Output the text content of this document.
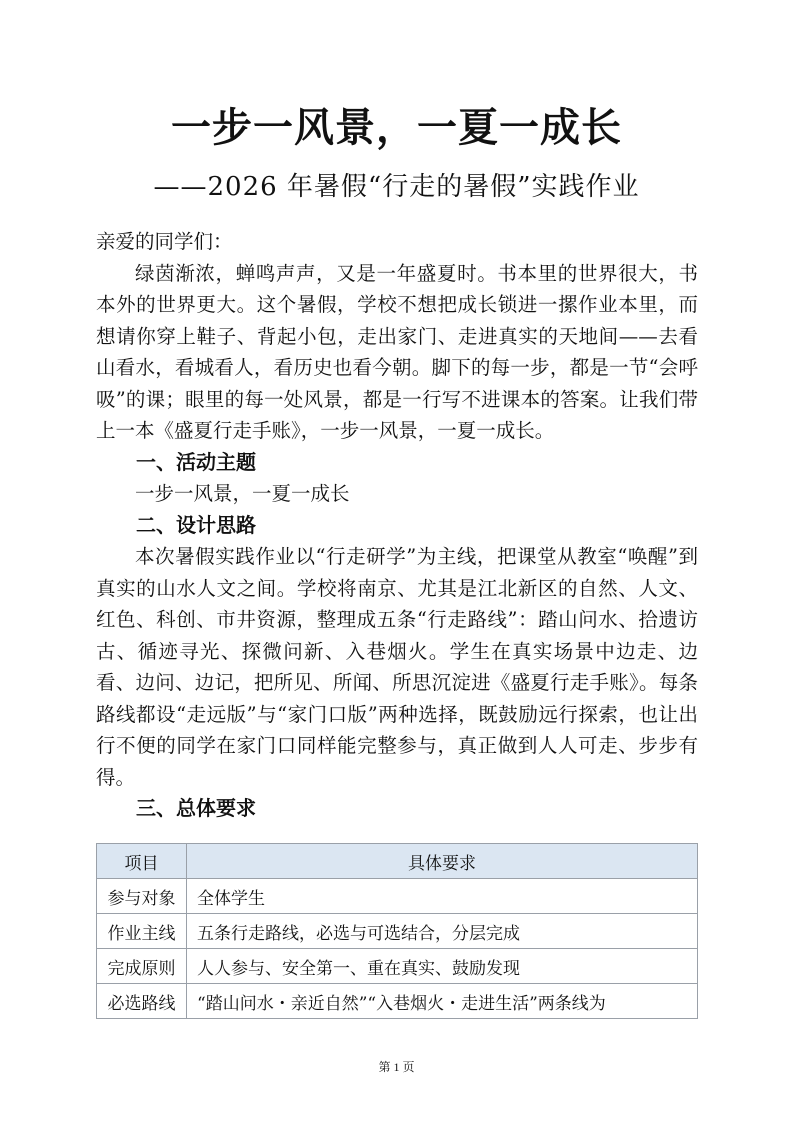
一步一风景，一夏一成长
——2026 年暑假“行走的暑假”实践作业

亲爱的同学们：

绿茵渐浓，蝉鸣声声，又是一年盛夏时。书本里的世界很大，书本外的世界更大。这个暑假，学校不想把成长锁进一摞作业本里，而想请你穿上鞋子、背起小包，走出家门、走进真实的天地间——去看山看水，看城看人，看历史也看今朝。脚下的每一步，都是一节“会呼吸”的课；眼里的每一处风景，都是一行写不进课本的答案。让我们带上一本《盛夏行走手账》，一步一风景，一夏一成长。

一、活动主题

一步一风景，一夏一成长

二、设计思路

本次暑假实践作业以“行走研学”为主线，把课堂从教室“唤醒”到真实的山水人文之间。学校将南京、尤其是江北新区的自然、人文、红色、科创、市井资源，整理成五条“行走路线”：踏山问水、拾遗访古、循迹寻光、探微问新、入巷烟火。学生在真实场景中边走、边看、边问、边记，把所见、所闻、所思沉淀进《盛夏行走手账》。每条路线都设“走远版”与“家门口版”两种选择，既鼓励远行探索，也让出行不便的同学在家门口同样能完整参与，真正做到人人可走、步步有得。

三、总体要求

项目	具体要求
参与对象	全体学生
作业主线	五条行走路线，必选与可选结合，分层完成
完成原则	人人参与、安全第一、重在真实、鼓励发现
必选路线	“踏山问水・亲近自然”“入巷烟火・走进生活”两条线为
第 1 页
